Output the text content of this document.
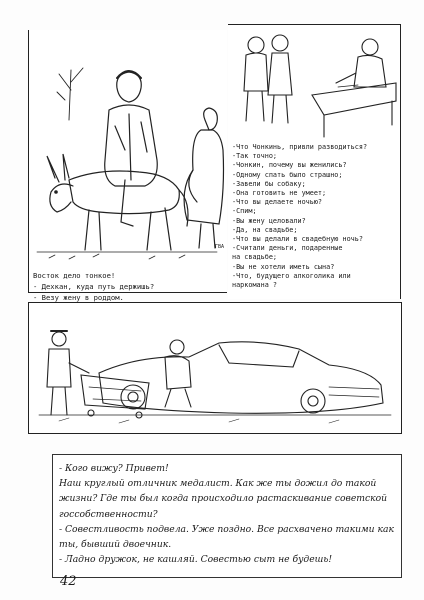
ГВА
Восток дело тонкое!
- Дехкан, куда путь держишь?
- Везу жену в роддом.
-Что Чонкинь, привли разводиться?
-Так точно;
-Чонкин, почему вы женились?
-Одному спать было страшно;
-Завели бы собаку;
-Она готовить не умеет;
-Что вы делаете ночью?
-Спим;
-Вы жену целовали?
-Да, на свадьбе;
-Что вы делали в свадебную ночь?
-Считали деньги, подаренные
на свадьбе;
-Вы не хотели иметь сына?
-Что, будущего алкоголика или
наркомана ?
- Кого вижу? Привет!
Наш круглый отличник медалист. Как же ты дожил до такой
жизни? Где ты был когда происходило растаскивание советской
госсобственности?
- Совестливость подвела. Уже поздно. Все расхвачено такими как
ты, бывший двоечник.
- Ладно дружок, не кашляй. Совестью сыт не будешь!
42
